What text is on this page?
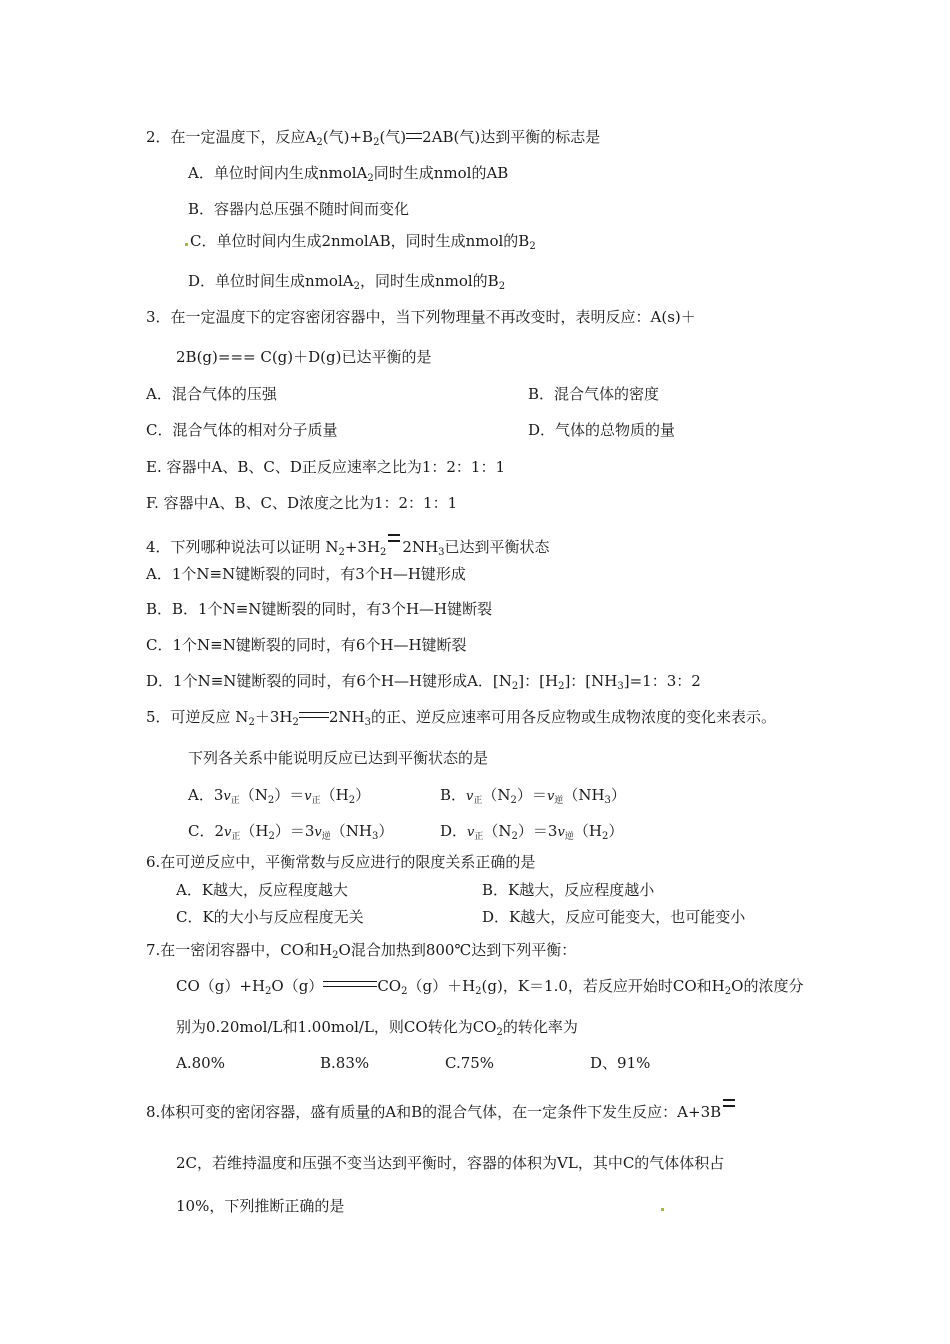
2．在一定温度下，反应$A_2$(气)$+B_2$(气) 2AB(气)达到平衡的标志是
A．单位时间内生成nmolA$_2$同时生成nmol的AB
B．容器内总压强不随时间而变化
C．单位时间内生成2nmolAB，同时生成nmol的$B_2$
D．单位时间生成nmolA$_2$，同时生成nmol的$B_2$
3．在一定温度下的定容密闭容器中，当下列物理量不再改变时，表明反应：A(s)＋
2B(g)=== C(g)＋D(g)已达平衡的是
A．混合气体的压强	B．混合气体的密度
C．混合气体的相对分子质量	D．气体的总物质的量
E. 容器中A、B、C、D正反应速率之比为1：2：1：1
F. 容器中A、B、C、D浓度之比为1：2：1：1
4．下列哪种说法可以证明 $N_2+3H_2$ $2NH_3$已达到平衡状态
A．1个N≡N键断裂的同时，有3个H—H键形成
B．B．1个N≡N键断裂的同时，有3个H—H键断裂
C．1个N≡N键断裂的同时，有6个H—H键断裂
D．1个N≡N键断裂的同时，有6个H—H键形成A．$[N_2]$：$[H_2]$：$[NH_3]=1$：3：2
5．可逆反应 $N_2+3H_2$ $2NH_3$的正、逆反应速率可用各反应物或生成物浓度的变化来表示。
下列各关系中能说明反应已达到平衡状态的是
A．$3v_正(N_2)=v_正(H_2)$	B．$v_正(N_2)=v_逆(NH_3)$
C．$2v_正(H_2)=3v_逆(NH_3)$	D．$v_正(N_2)=3v_逆(H_2)$
6.在可逆反应中，平衡常数与反应进行的限度关系正确的是
A．K越大，反应程度越大	B．K越大，反应程度越小
C．K的大小与反应程度无关	D．K越大，反应可能变大，也可能变小
7.在一密闭容器中，CO和$H_2O$混合加热到800℃达到下列平衡：
$CO(g)+H_2O(g)$	$CO_2(g)+H_2(g)$，K＝1.0，若反应开始时CO和$H_2O$的浓度分
别为0.20mol/L和1.00mol/L，则CO转化为$CO_2$的转化率为
A.80%	B.83%	C.75%	D、91%
8.体积可变的密闭容器，盛有质量的A和B的混合气体，在一定条件下发生反应：A+3B
2C，若维持温度和压强不变当达到平衡时，容器的体积为VL，其中C的气体体积占
10%，下列推断正确的是
